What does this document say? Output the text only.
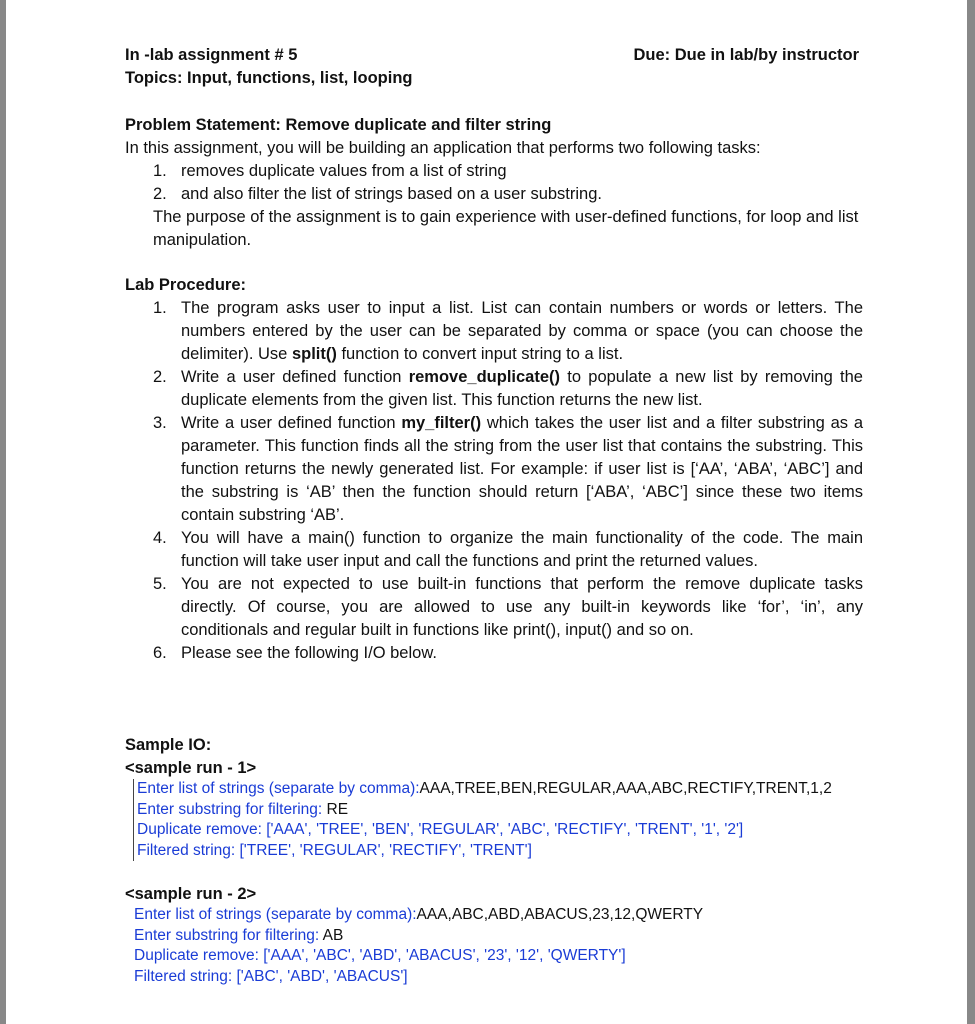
In -lab assignment # 5	Due: Due in lab/by instructor
Topics: Input, functions, list, looping
Problem Statement: Remove duplicate and filter string
In this assignment, you will be building an application that performs two following tasks:
1. removes duplicate values from a list of string
2. and also filter the list of strings based on a user substring.
The purpose of the assignment is to gain experience with user-defined functions, for loop and list manipulation.
Lab Procedure:
1. The program asks user to input a list. List can contain numbers or words or letters. The numbers entered by the user can be separated by comma or space (you can choose the delimiter). Use split() function to convert input string to a list.
2. Write a user defined function remove_duplicate() to populate a new list by removing the duplicate elements from the given list. This function returns the new list.
3. Write a user defined function my_filter() which takes the user list and a filter substring as a parameter. This function finds all the string from the user list that contains the substring. This function returns the newly generated list. For example: if user list is [‘AA’, ‘ABA’, ‘ABC’] and the substring is ‘AB’ then the function should return [‘ABA’, ‘ABC’] since these two items contain substring ‘AB’.
4. You will have a main() function to organize the main functionality of the code. The main function will take user input and call the functions and print the returned values.
5. You are not expected to use built-in functions that perform the remove duplicate tasks directly. Of course, you are allowed to use any built-in keywords like ‘for’, ‘in’, any conditionals and regular built in functions like print(), input() and so on.
6. Please see the following I/O below.
Sample IO:
<sample run - 1>
Enter list of strings (separate by comma):AAA,TREE,BEN,REGULAR,AAA,ABC,RECTIFY,TRENT,1,2
Enter substring for filtering: RE
Duplicate remove: ['AAA', 'TREE', 'BEN', 'REGULAR', 'ABC', 'RECTIFY', 'TRENT', '1', '2']
Filtered string: ['TREE', 'REGULAR', 'RECTIFY', 'TRENT']
<sample run - 2>
Enter list of strings (separate by comma):AAA,ABC,ABD,ABACUS,23,12,QWERTY
Enter substring for filtering: AB
Duplicate remove: ['AAA', 'ABC', 'ABD', 'ABACUS', '23', '12', 'QWERTY']
Filtered string: ['ABC', 'ABD', 'ABACUS']
